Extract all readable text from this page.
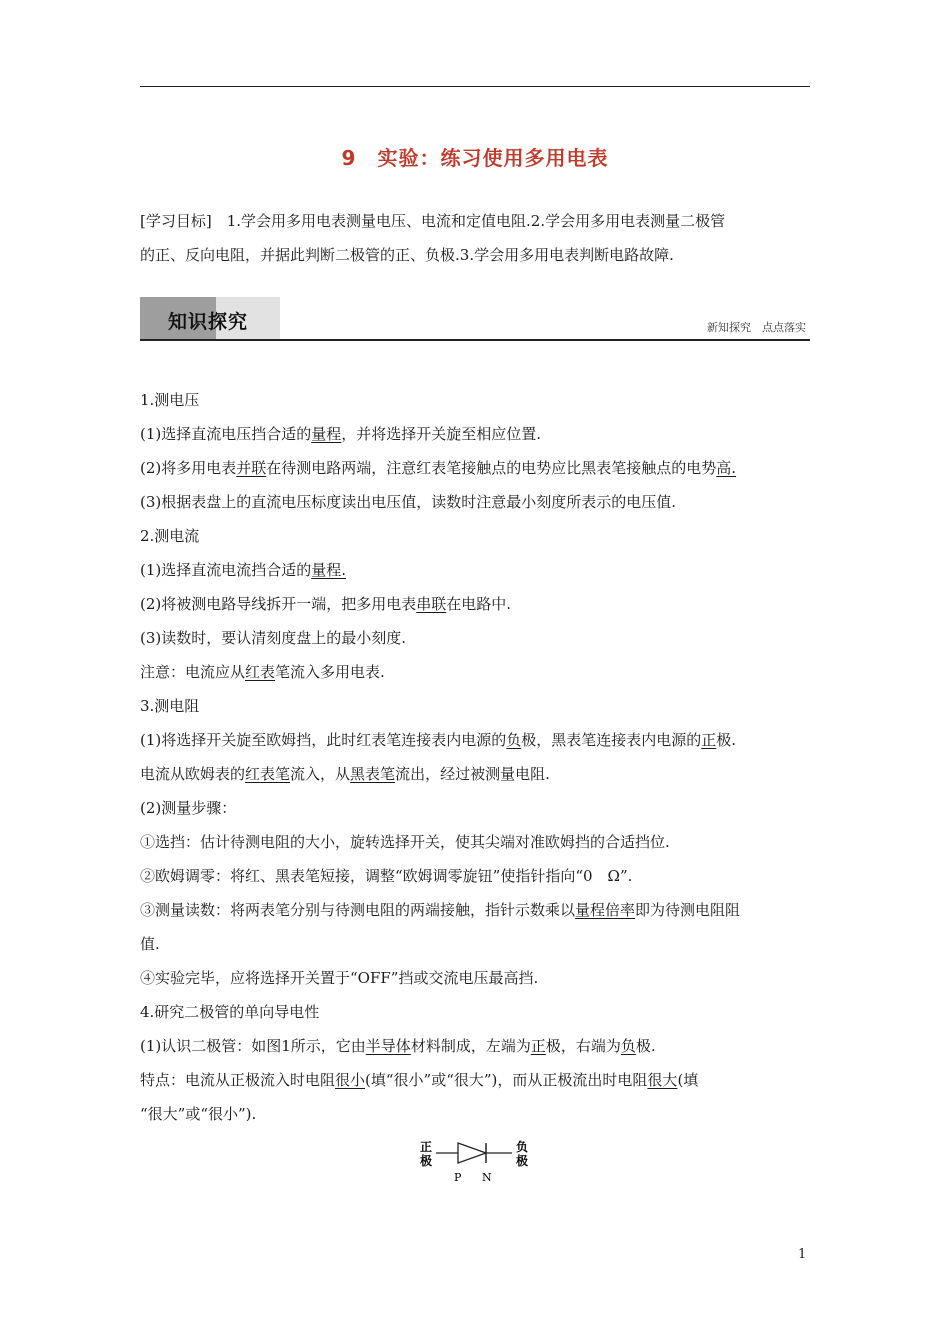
9　实验：练习使用多用电表
[学习目标]　1.学会用多用电表测量电压、电流和定值电阻.2.学会用多用电表测量二极管
的正、反向电阻，并据此判断二极管的正、负极.3.学会用多用电表判断电路故障.
知识探究	新知探究　点点落实
1.测电压
(1)选择直流电压挡合适的量程，并将选择开关旋至相应位置.
(2)将多用电表并联在待测电路两端，注意红表笔接触点的电势应比黑表笔接触点的电势高.
(3)根据表盘上的直流电压标度读出电压值，读数时注意最小刻度所表示的电压值.
2.测电流
(1)选择直流电流挡合适的量程.
(2)将被测电路导线拆开一端，把多用电表串联在电路中.
(3)读数时，要认清刻度盘上的最小刻度.
注意：电流应从红表笔流入多用电表.
3.测电阻
(1)将选择开关旋至欧姆挡，此时红表笔连接表内电源的负极，黑表笔连接表内电源的正极.
电流从欧姆表的红表笔流入，从黑表笔流出，经过被测量电阻.
(2)测量步骤：
①选挡：估计待测电阻的大小，旋转选择开关，使其尖端对准欧姆挡的合适挡位.
②欧姆调零：将红、黑表笔短接，调整“欧姆调零旋钮”使指针指向“0　Ω”.
③测量读数：将两表笔分别与待测电阻的两端接触，指针示数乘以量程倍率即为待测电阻阻
值.
④实验完毕，应将选择开关置于“OFF”挡或交流电压最高挡.
4.研究二极管的单向导电性
(1)认识二极管：如图1所示，它由半导体材料制成，左端为正极，右端为负极.
特点：电流从正极流入时电阻很小(填“很小”或“很大”)，而从正极流出时电阻很大(填
“很大”或“很小”).
正
极
负
极
P N
1
